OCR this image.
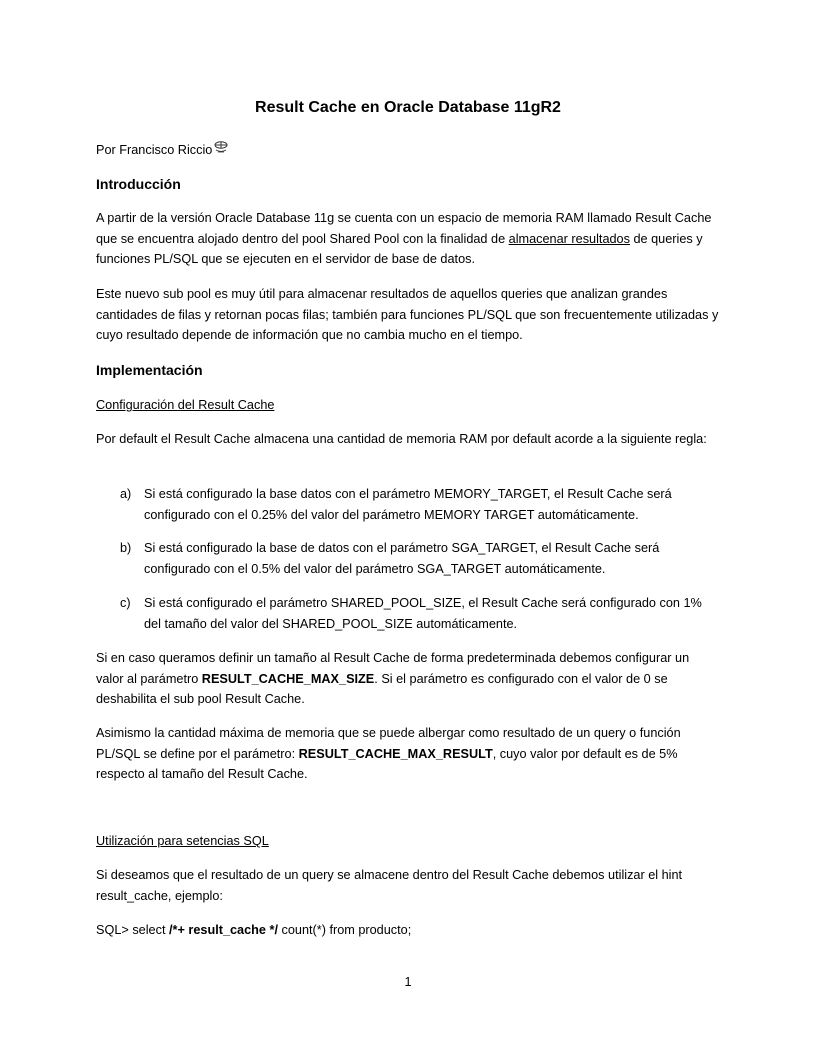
Result Cache en Oracle Database 11gR2
Por Francisco Riccio
Introducción
A partir de la versión Oracle Database 11g se cuenta con un espacio de memoria RAM llamado Result Cache que se encuentra alojado dentro del pool Shared Pool con la finalidad de almacenar resultados de queries y funciones PL/SQL que se ejecuten en el servidor de base de datos.
Este nuevo sub pool es muy útil para almacenar resultados de aquellos queries que analizan grandes cantidades de filas y retornan pocas filas; también para funciones PL/SQL que son frecuentemente utilizadas y cuyo resultado depende de información que no cambia mucho en el tiempo.
Implementación
Configuración del Result Cache
Por default el Result Cache almacena una cantidad de memoria RAM por default acorde a la siguiente regla:
a) Si está configurado la base datos con el parámetro MEMORY_TARGET, el Result Cache será configurado con el 0.25% del valor del parámetro MEMORY TARGET automáticamente.
b) Si está configurado la base de datos con el parámetro SGA_TARGET, el Result Cache será configurado con el 0.5% del valor del parámetro SGA_TARGET automáticamente.
c) Si está configurado el parámetro SHARED_POOL_SIZE, el Result Cache será configurado con 1% del tamaño del valor del SHARED_POOL_SIZE automáticamente.
Si en caso queramos definir un tamaño al Result Cache de forma predeterminada debemos configurar un valor al parámetro RESULT_CACHE_MAX_SIZE. Si el parámetro es configurado con el valor de 0 se deshabilita el sub pool Result Cache.
Asimismo la cantidad máxima de memoria que se puede albergar como resultado de un query o función PL/SQL se define por el parámetro: RESULT_CACHE_MAX_RESULT, cuyo valor por default es de 5% respecto al tamaño del Result Cache.
Utilización para setencias SQL
Si deseamos que el resultado de un query se almacene dentro del Result Cache debemos utilizar el hint result_cache, ejemplo:
SQL> select /*+ result_cache */ count(*) from producto;
1
